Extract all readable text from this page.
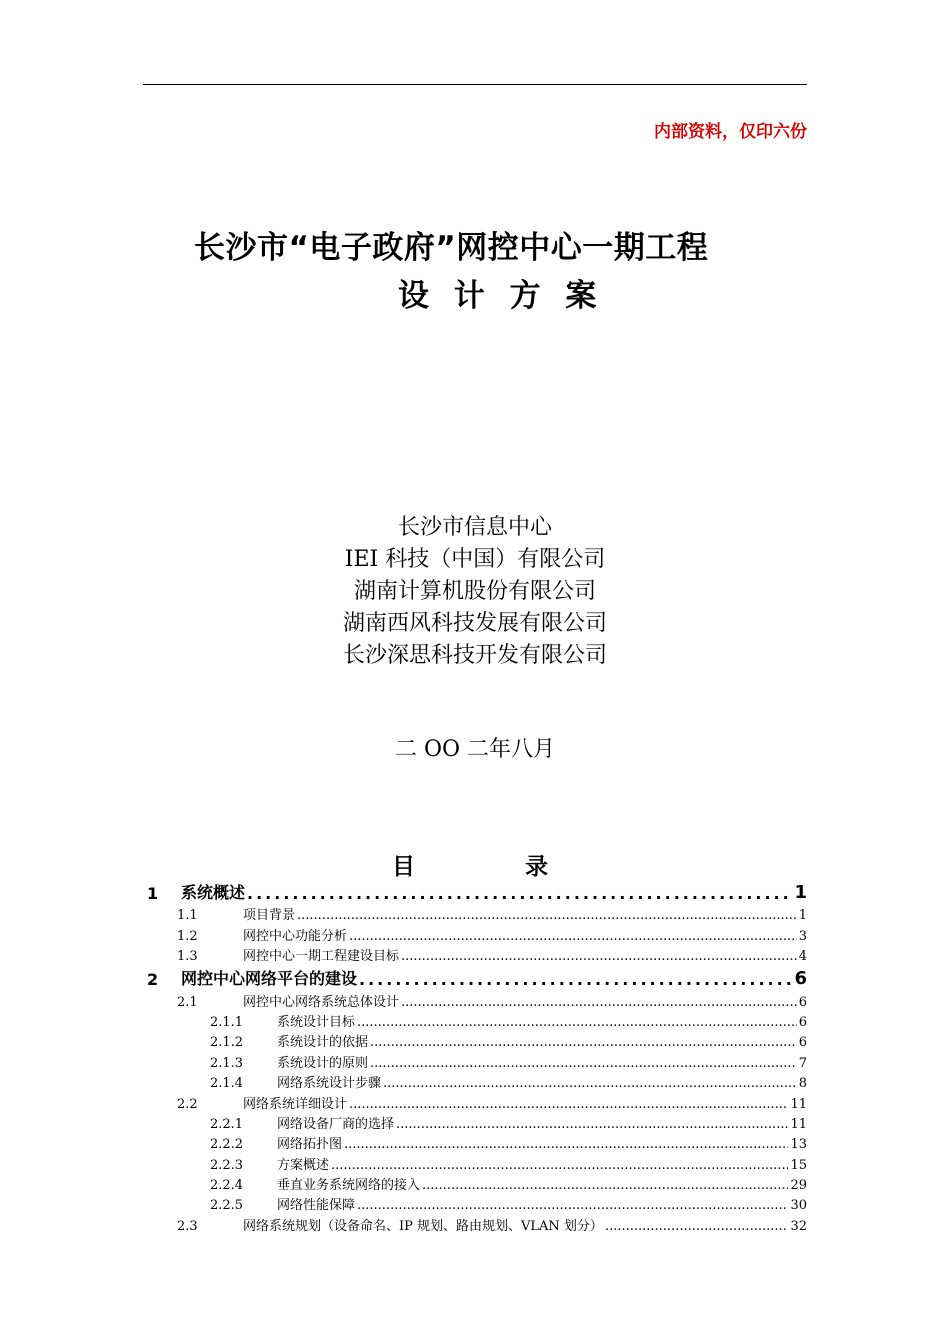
内部资料，仅印六份
长沙市“电子政府”网控中心一期工程
设 计 方 案
长沙市信息中心
IEI 科技（中国）有限公司
湖南计算机股份有限公司
湖南西风科技发展有限公司
长沙深思科技开发有限公司
二 OO 二年八月
目	录
1	系统概述 .....	1
1.1	项目背景 .....	1
1.2	网控中心功能分析 .....	3
1.3	网控中心一期工程建设目标 .....	4
2	网控中心网络平台的建设 .....	6
2.1	网控中心网络系统总体设计 .....	6
2.1.1	系统设计目标 .....	6
2.1.2	系统设计的依据 .....	6
2.1.3	系统设计的原则 .....	7
2.1.4	网络系统设计步骤 .....	8
2.2	网络系统详细设计 .....	11
2.2.1	网络设备厂商的选择 .....	11
2.2.2	网络拓扑图 .....	13
2.2.3	方案概述 .....	15
2.2.4	垂直业务系统网络的接入 .....	29
2.2.5	网络性能保障 .....	30
2.3	网络系统规划（设备命名、IP 规划、路由规划、VLAN 划分） .....	32
